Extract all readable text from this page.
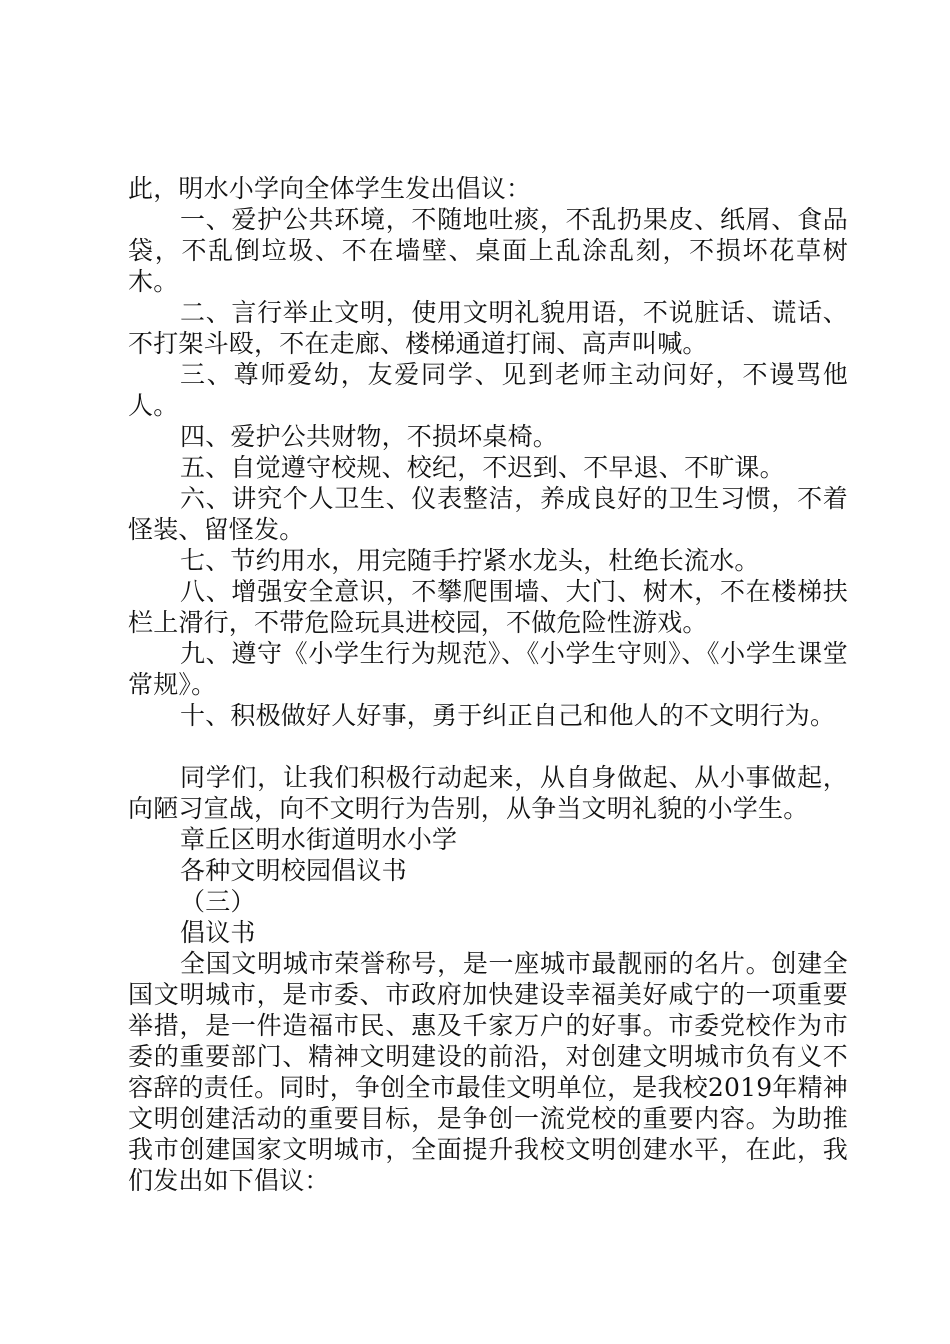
此，明水小学向全体学生发出倡议：

一、爱护公共环境，不随地吐痰，不乱扔果皮、纸屑、食品袋，不乱倒垃圾、不在墙壁、桌面上乱涂乱刻，不损坏花草树木。

二、言行举止文明，使用文明礼貌用语，不说脏话、谎话、不打架斗殴，不在走廊、楼梯通道打闹、高声叫喊。

三、尊师爱幼，友爱同学、见到老师主动问好，不谩骂他人。

四、爱护公共财物，不损坏桌椅。

五、自觉遵守校规、校纪，不迟到、不早退、不旷课。

六、讲究个人卫生、仪表整洁，养成良好的卫生习惯，不着怪装、留怪发。

七、节约用水，用完随手拧紧水龙头，杜绝长流水。

八、增强安全意识，不攀爬围墙、大门、树木，不在楼梯扶栏上滑行，不带危险玩具进校园，不做危险性游戏。

九、遵守《小学生行为规范》、《小学生守则》、《小学生课堂常规》。

十、积极做好人好事，勇于纠正自己和他人的不文明行为。

同学们，让我们积极行动起来，从自身做起、从小事做起，向陋习宣战，向不文明行为告别，从争当文明礼貌的小学生。

章丘区明水街道明水小学

各种文明校园倡议书

（三）

倡议书

全国文明城市荣誉称号，是一座城市最靓丽的名片。创建全国文明城市，是市委、市政府加快建设幸福美好咸宁的一项重要举措，是一件造福市民、惠及千家万户的好事。市委党校作为市委的重要部门、精神文明建设的前沿，对创建文明城市负有义不容辞的责任。同时，争创全市最佳文明单位，是我校2019年精神文明创建活动的重要目标，是争创一流党校的重要内容。为助推我市创建国家文明城市，全面提升我校文明创建水平，在此，我们发出如下倡议：
